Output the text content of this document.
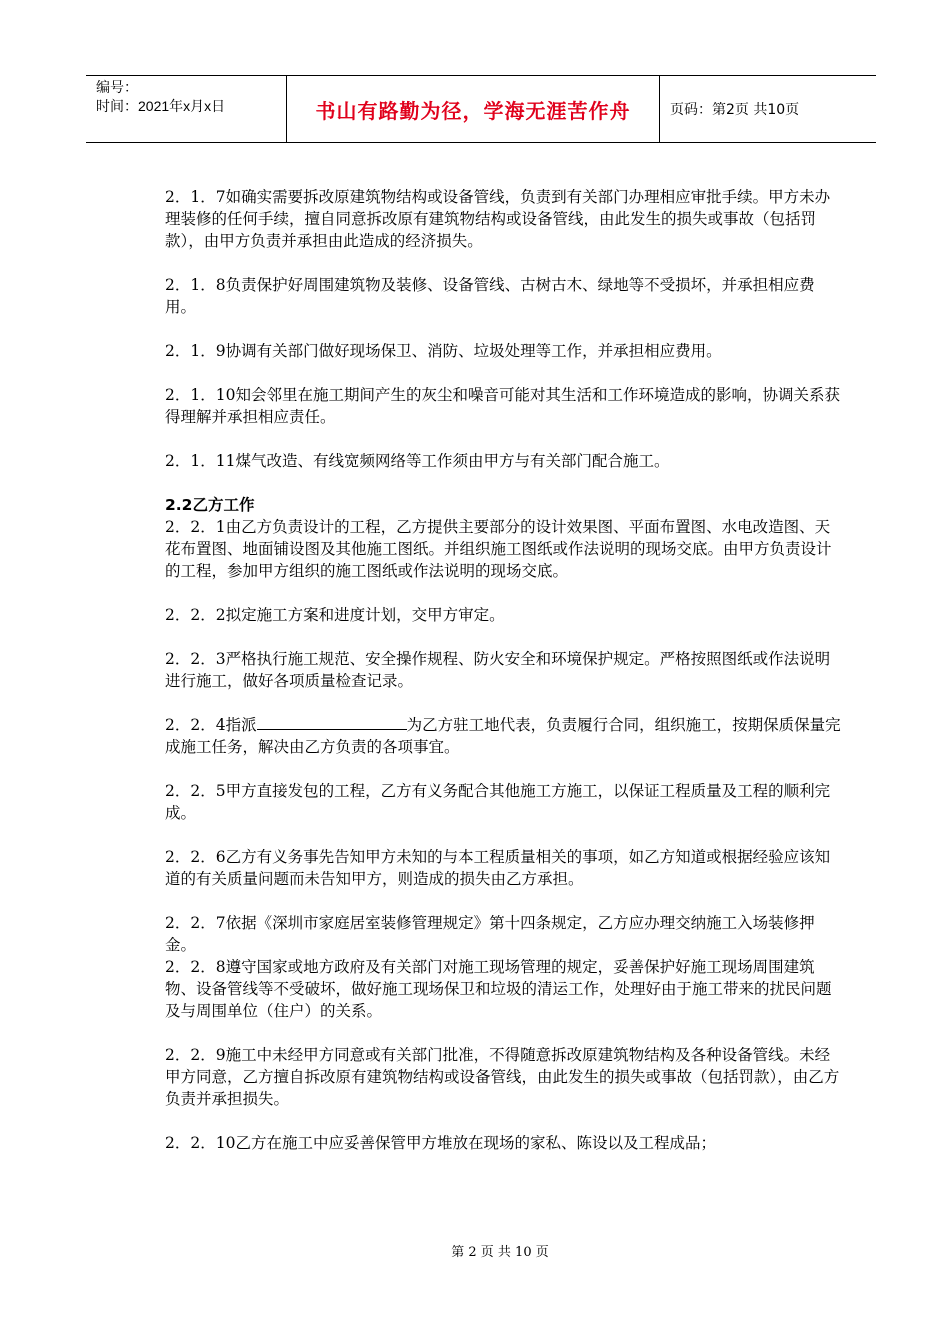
编号：
时间：2021年x月x日	书山有路勤为径，学海无涯苦作舟	页码：第2页 共10页

2．1．7如确实需要拆改原建筑物结构或设备管线，负责到有关部门办理相应审批手续。甲方未办理装修的任何手续，擅自同意拆改原有建筑物结构或设备管线，由此发生的损失或事故（包括罚款），由甲方负责并承担由此造成的经济损失。

2．1．8负责保护好周围建筑物及装修、设备管线、古树古木、绿地等不受损坏，并承担相应费用。

2．1．9协调有关部门做好现场保卫、消防、垃圾处理等工作，并承担相应费用。

2．1．10知会邻里在施工期间产生的灰尘和噪音可能对其生活和工作环境造成的影响，协调关系获得理解并承担相应责任。

2．1．11煤气改造、有线宽频网络等工作须由甲方与有关部门配合施工。

2.2乙方工作

2．2．1由乙方负责设计的工程，乙方提供主要部分的设计效果图、平面布置图、水电改造图、天花布置图、地面铺设图及其他施工图纸。并组织施工图纸或作法说明的现场交底。由甲方负责设计的工程，参加甲方组织的施工图纸或作法说明的现场交底。

2．2．2拟定施工方案和进度计划，交甲方审定。

2．2．3严格执行施工规范、安全操作规程、防火安全和环境保护规定。严格按照图纸或作法说明进行施工，做好各项质量检查记录。

2．2．4指派	为乙方驻工地代表，负责履行合同，组织施工，按期保质保量完成施工任务，解决由乙方负责的各项事宜。

2．2．5甲方直接发包的工程，乙方有义务配合其他施工方施工，以保证工程质量及工程的顺利完成。

2．2．6乙方有义务事先告知甲方未知的与本工程质量相关的事项，如乙方知道或根据经验应该知道的有关质量问题而未告知甲方，则造成的损失由乙方承担。

2．2．7依据《深圳市家庭居室装修管理规定》第十四条规定，乙方应办理交纳施工入场装修押金。

2．2．8遵守国家或地方政府及有关部门对施工现场管理的规定，妥善保护好施工现场周围建筑物、设备管线等不受破坏，做好施工现场保卫和垃圾的清运工作，处理好由于施工带来的扰民问题及与周围单位（住户）的关系。

2．2．9施工中未经甲方同意或有关部门批准，不得随意拆改原建筑物结构及各种设备管线。未经甲方同意，乙方擅自拆改原有建筑物结构或设备管线，由此发生的损失或事故（包括罚款），由乙方负责并承担损失。

2．2．10乙方在施工中应妥善保管甲方堆放在现场的家私、陈设以及工程成品；

第 2 页 共 10 页
